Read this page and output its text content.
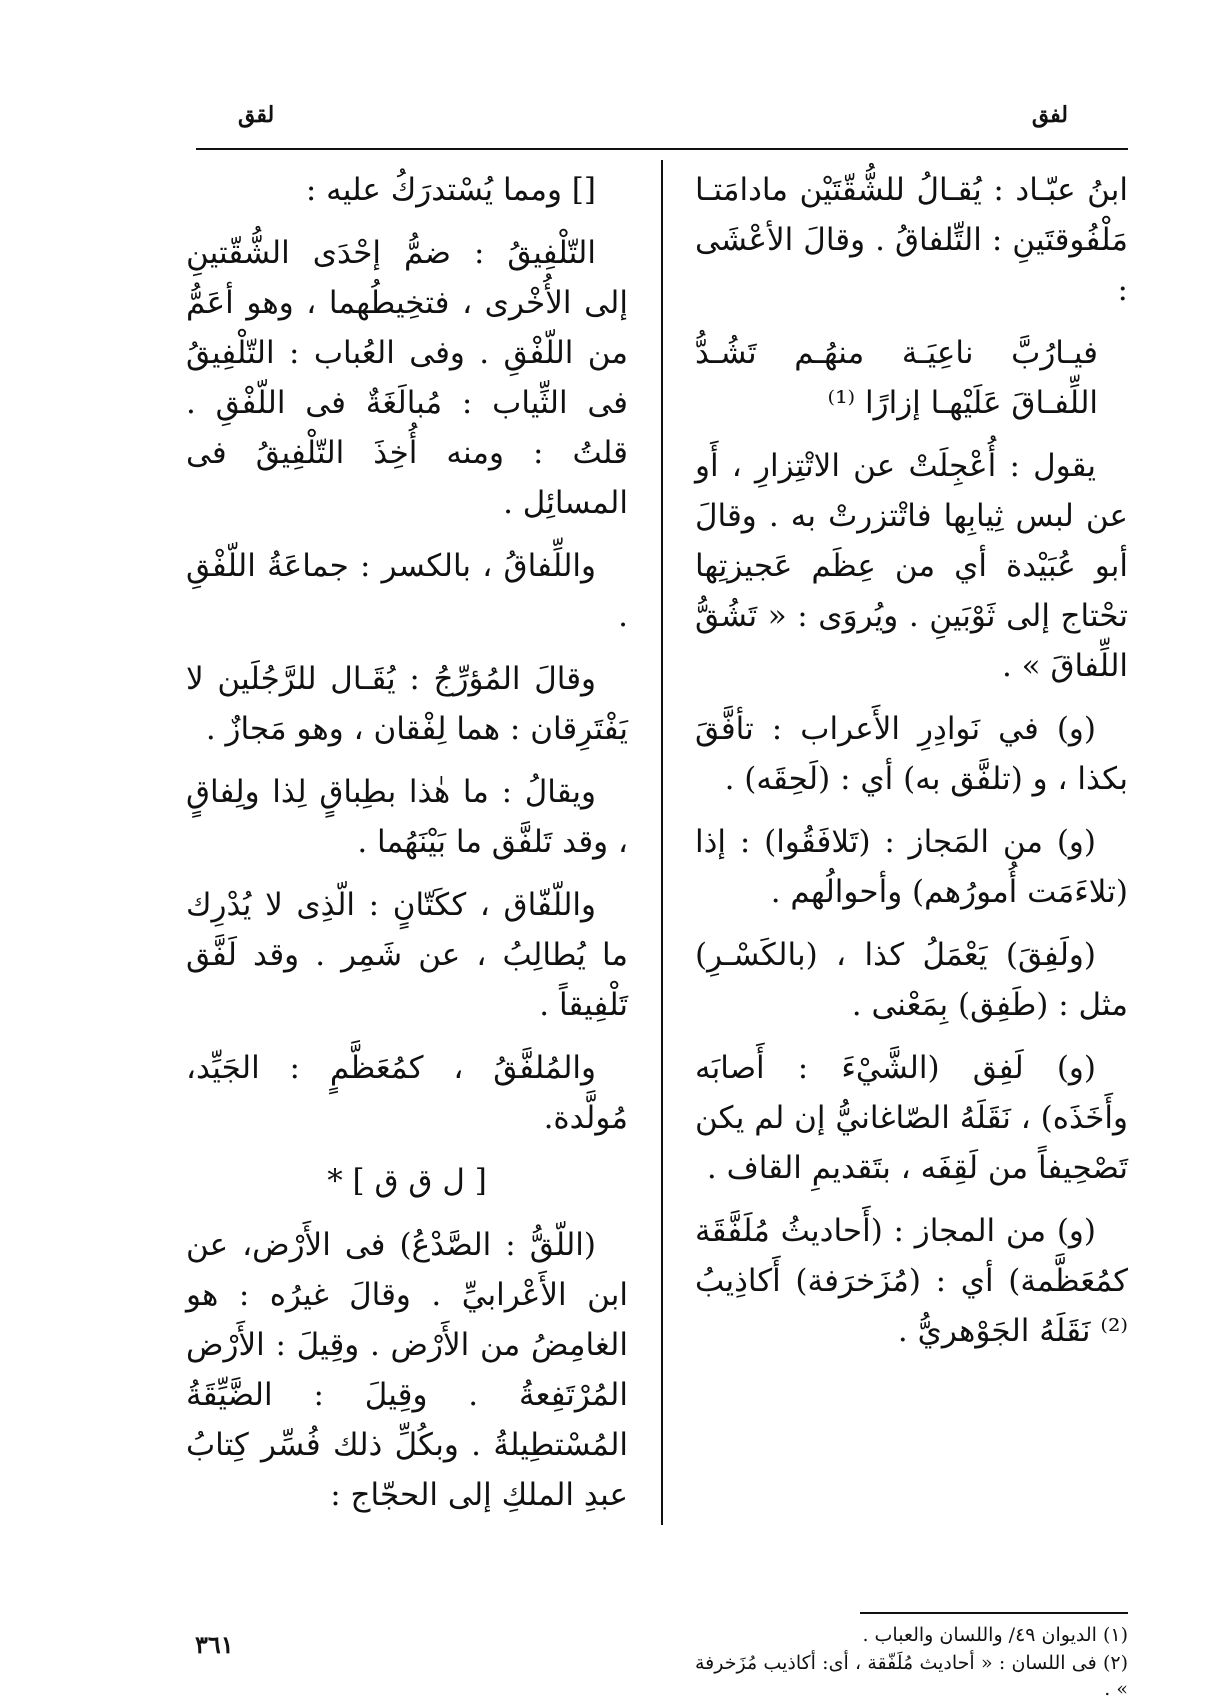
لفق
لقق

ابنُ عبّـاد : يُقـالُ للشُّقّتَيْن مادامَتـا مَلْفُوقتَينِ : التِّلفاقُ . وقالَ الأعْشَى :

فيـارُبَّ ناعِيَـة منهُـم تَشُـدُّ اللِّفـاقَ عَلَيْهـا إزارًا ⁽¹⁾

يقول : أُعْجِلَتْ عن الاتْتِزارِ ، أَو عن لبس ثِيابِها فاتْتزرتْ به . وقالَ أبو عُبَيْدة أي من عِظَم عَجيزتِها تحْتاج إلى ثَوْبَينِ . ويُروَى : « تَشُقُّ اللِّفاقَ » .

(و) في نَوادِرِ الأَعراب : تأفَّقَ بكذا ، و (تلفَّق به) أي : (لَحِقَه) .

(و) من المَجاز : (تَلافَقُوا) : إذا (تلاءَمَت أُمورُهم) وأحوالُهم .

(ولَفِقَ) يَعْمَلُ كذا ، (بالكَسْـرِ) مثل : (طَفِق) بِمَعْنى .

(و) لَفِق (الشَّيْءَ : أَصابَه وأَخَذَه) ، نَقَلَهُ الصّاغانيُّ إن لم يكن تَصْحِيفاً من لَقِفَه ، بتَقديمِ القاف .

(و) من المجاز : (أَحاديثُ مُلَفَّقَة كمُعَظَّمة) أي : (مُزَخرَفة) أَكاذِيبُ ⁽²⁾ نَقَلَهُ الجَوْهريُّ .

[] ومما يُسْتدرَكُ عليه :

التّلْفِيقُ : ضمُّ إحْدَى الشُّقّتينِ إلى الأُخْرى ، فتخِيطُهما ، وهو أعَمُّ من اللّفْقِ . وفى العُباب : التّلْفِيقُ فى الثِّياب : مُبالَغَةٌ فى اللّفْقِ . قلتُ : ومنه أُخِذَ التّلْفِيقُ فى المسائِل .

واللِّفاقُ ، بالكسر : جماعَةُ اللّفْقِ .

وقالَ المُؤرِّجُ : يُقَـال للرَّجُلَين لا يَفْتَرِقان : هما لِفْقان ، وهو مَجازٌ .

ويقالُ : ما هٰذا بطِباقٍ لِذا ولِفاقٍ ، وقد تَلفَّق ما بَيْنَهُما .

واللّفّاق ، ككَتّانٍ : الّذِى لا يُدْرِك ما يُطالِبُ ، عن شَمِر . وقد لَفَّق تَلْفِيقاً .

والمُلفَّقُ ، كمُعَظَّمٍ : الجَيِّد، مُولَّدة.

[ ل ق ق ] *

(اللّقُّ : الصَّدْعُ) فى الأَرْض، عن ابن الأَعْرابيِّ . وقالَ غيرُه : هو الغامِضُ من الأَرْض . وقِيلَ : الأَرْض المُرْتَفِعةُ . وقِيلَ : الضَّيِّقَةُ المُسْتطِيلةُ . وبكُلِّ ذلك فُسِّر كِتابُ عبدِ الملكِ إلى الحجّاج :

(١) الديوان ٤٩/ واللسان والعباب .
(٢) فى اللسان : « أحاديث مُلَفّقة ، أى: أكاذيب مُزَخرفة » .
٣٦١
